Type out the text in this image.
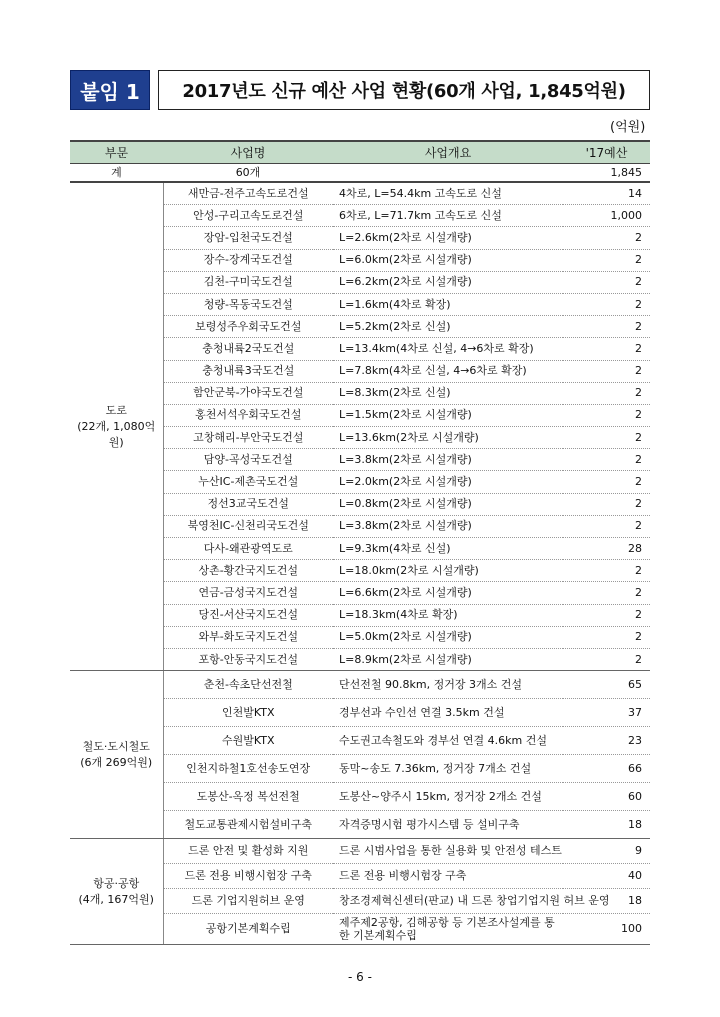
붙임 1	2017년도 신규 예산 사업 현황(60개 사업, 1,845억원)
(억원)
부문	사업명	사업개요	'17예산
계	60개		1,845

도로
(22개, 1,080억원)	새만금-전주고속도로건설	4차로, L=54.4km 고속도로 신설	14
	안성-구리고속도로건설	6차로, L=71.7km 고속도로 신설	1,000
	장암-입천국도건설	L=2.6km(2차로 시설개량)	2
	장수-장계국도건설	L=6.0km(2차로 시설개량)	2
	김천-구미국도건설	L=6.2km(2차로 시설개량)	2
	청량-목동국도건설	L=1.6km(4차로 확장)	2
	보령성주우회국도건설	L=5.2km(2차로 신설)	2
	충청내륙2국도건설	L=13.4km(4차로 신설, 4→6차로 확장)	2
	충청내륙3국도건설	L=7.8km(4차로 신설, 4→6차로 확장)	2
	함안군북-가야국도건설	L=8.3km(2차로 신설)	2
	홍천서석우회국도건설	L=1.5km(2차로 시설개량)	2
	고창해리-부안국도건설	L=13.6km(2차로 시설개량)	2
	담양-곡성국도건설	L=3.8km(2차로 시설개량)	2
	누산IC-제촌국도건설	L=2.0km(2차로 시설개량)	2
	정선3교국도건설	L=0.8km(2차로 시설개량)	2
	북영천IC-신천리국도건설	L=3.8km(2차로 시설개량)	2
	다사-왜관광역도로	L=9.3km(4차로 신설)	28
	상촌-황간국지도건설	L=18.0km(2차로 시설개량)	2
	연금-금성국지도건설	L=6.6km(2차로 시설개량)	2
	당진-서산국지도건설	L=18.3km(4차로 확장)	2
	와부-화도국지도건설	L=5.0km(2차로 시설개량)	2
	포항-안동국지도건설	L=8.9km(2차로 시설개량)	2

철도·도시철도
(6개 269억원)	춘천-속초단선전철	단선전철 90.8km, 정거장 3개소 건설	65
	인천발KTX	경부선과 수인선 연결 3.5km 건설	37
	수원발KTX	수도권고속철도와 경부선 연결 4.6km 건설	23
	인천지하철1호선송도연장	동막~송도 7.36km, 정거장 7개소 건설	66
	도봉산-옥정 복선전철	도봉산~양주시 15km, 정거장 2개소 건설	60
	철도교통관제시험설비구축	자격증명시험 평가시스템 등 설비구축	18

항공·공항
(4개, 167억원)	드론 안전 및 활성화 지원	드론 시범사업을 통한 실용화 및 안전성 테스트	9
	드론 전용 비행시험장 구축	드론 전용 비행시험장 구축	40
	드론 기업지원허브 운영	창조경제혁신센터(판교) 내 드론 창업기업지원 허브 운영	18
	공항기본계획수립	제주제2공항, 김해공항 등 기본조사설계를 통한 기본계획수립	100
- 6 -
